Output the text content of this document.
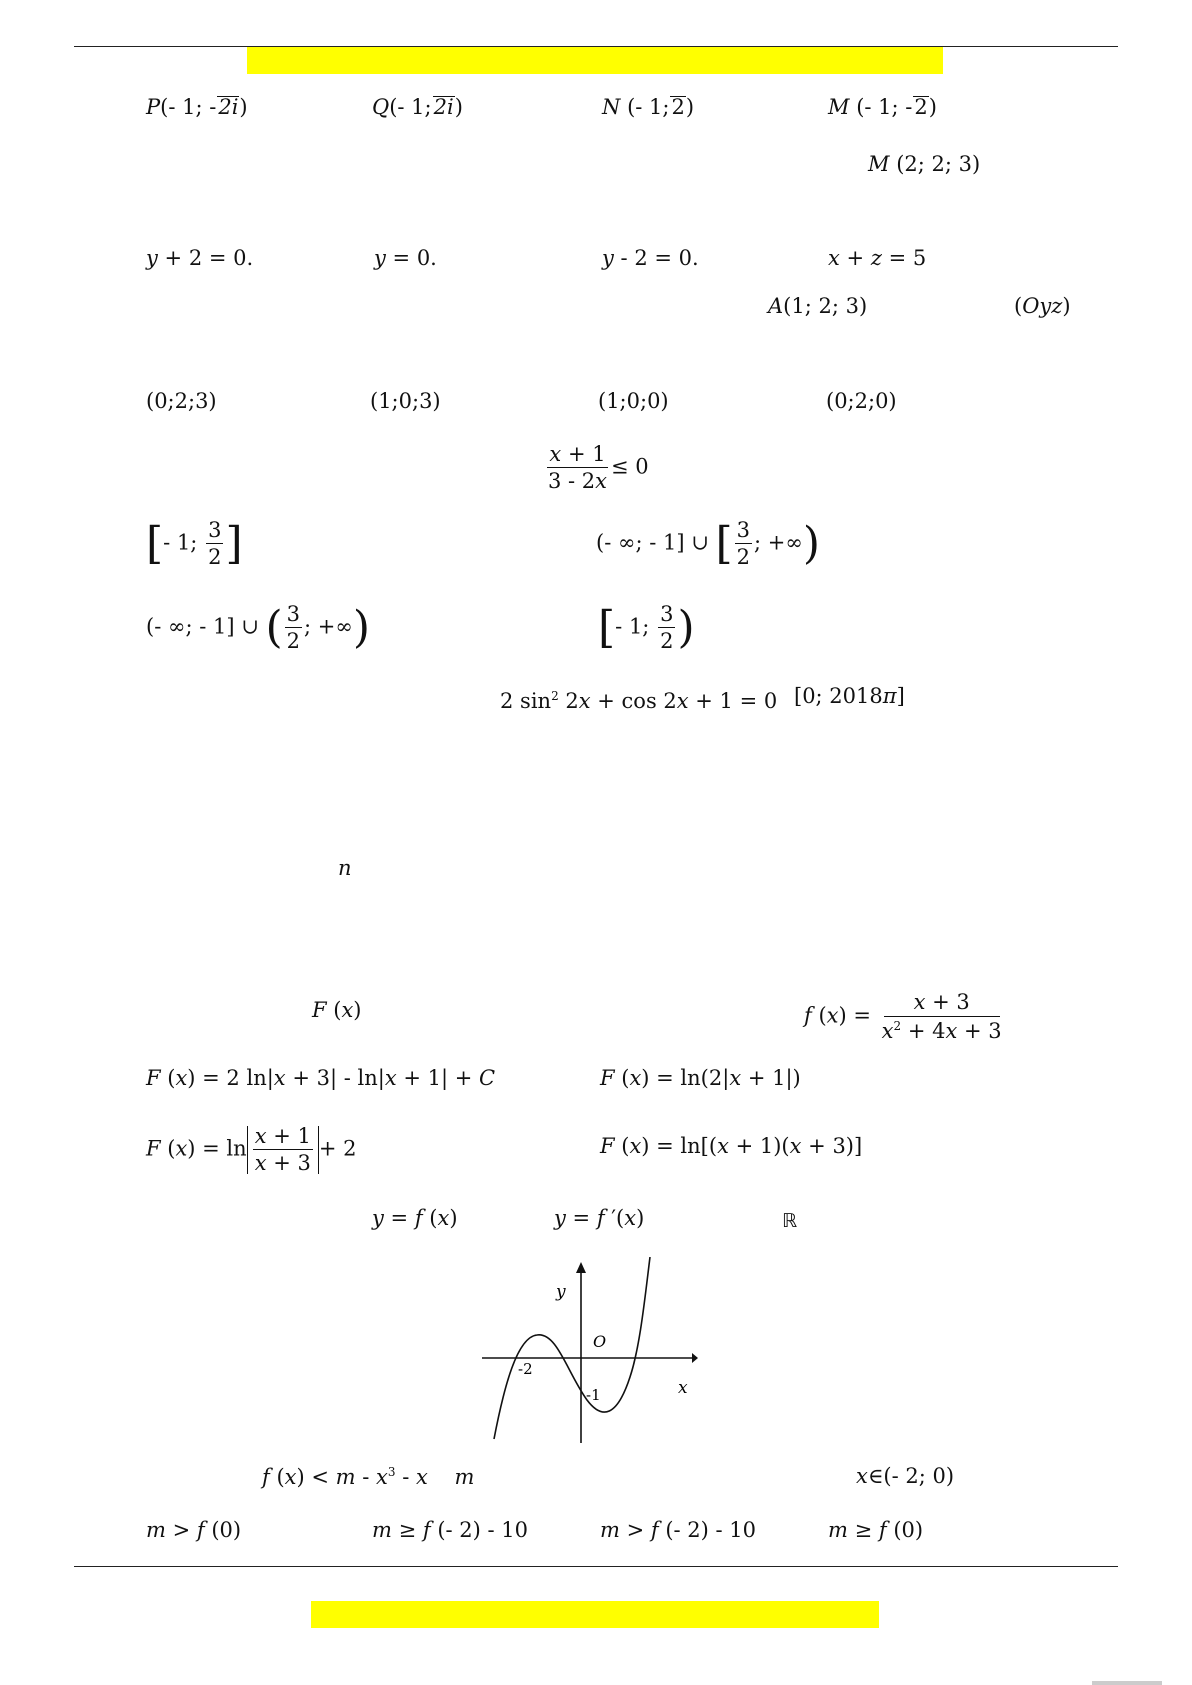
P(- 1; -2i)	Q(- 1;2i)	N (- 1;2)	M (- 1; -2)
M (2; 2; 3)
y + 2 = 0.	y = 0.	y - 2 = 0.	x + z = 5
A(1; 2; 3)	(Oyz)
(0;2;3)	(1;0;3)	(1;0;0)	(0;2;0)
$\frac{x + 1}{3 - 2x} \le 0$
[- 1; $\frac{3}{2}$ ]	(- ∞; - 1] ∪ [ $\frac{3}{2}$ ; +∞)
(- ∞; - 1] ∪ ( $\frac{3}{2}$ ; +∞)	[- 1; $\frac{3}{2}$ )
2 $\sin^2 2x + \cos 2x + 1 = 0$ [0; 2018π]
n
F (x)	f $(x) = \frac{x + 3}{x^2 + 4x + 3}$
F (x) = 2 ln|x + 3| - ln|x + 1| + C	F (x) = ln(2|x + 1|)
F $(x) = \ln \frac{x + 1}{x + 3} + 2$	F (x) = ln[(x + 1)(x + 3)]
y = f (x)	y = f ′(x)	ℝ
y
O
x
-2
-1
f $(x) < m - x^3 - x$    m	x∈(- 2; 0)
m > f (0)	m ≥ f (- 2) - 10	m > f (- 2) - 10	m ≥ f (0)
